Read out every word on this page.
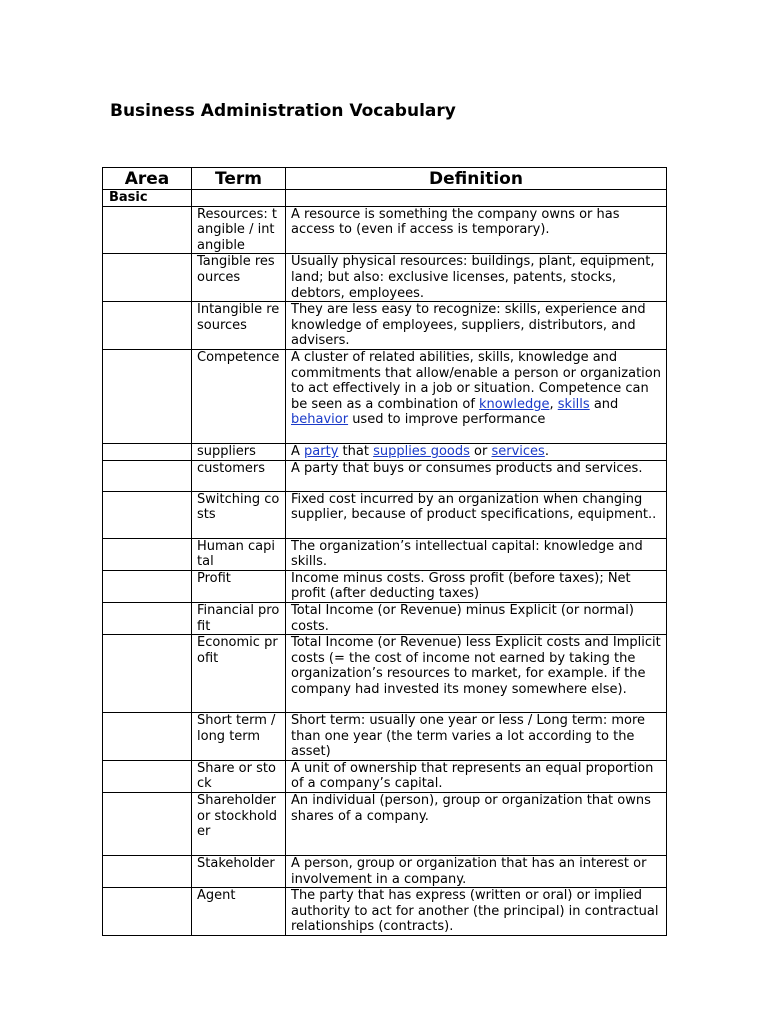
Business Administration Vocabulary
Area	Term	Definition
Basic		
	Resources: tangible / intangible	A resource is something the company owns or has access to (even if access is temporary).
	Tangible resources	Usually physical resources: buildings, plant, equipment, land; but also: exclusive licenses, patents, stocks, debtors, employees.
	Intangible resources	They are less easy to recognize: skills, experience and knowledge of employees, suppliers, distributors, and advisers.
	Competence	A cluster of related abilities, skills, knowledge and commitments that allow/enable a person or organization to act effectively in a job or situation. Competence can be seen as a combination of knowledge, skills and behavior used to improve performance
	suppliers	A party that supplies goods or services.
	customers	A party that buys or consumes products and services.
	Switching costs	Fixed cost incurred by an organization when changing supplier, because of product specifications, equipment..
	Human capital	The organization’s intellectual capital: knowledge and skills.
	Profit	Income minus costs. Gross profit (before taxes); Net profit (after deducting taxes)
	Financial profit	Total Income (or Revenue) minus Explicit (or normal) costs.
	Economic profit	Total Income (or Revenue) less Explicit costs and Implicit costs (= the cost of income not earned by taking the organization’s resources to market, for example. if the company had invested its money somewhere else).
	Short term / long term	Short term: usually one year or less / Long term: more than one year (the term varies a lot according to the asset)
	Share or stock	A unit of ownership that represents an equal proportion of a company’s capital.
	Shareholder or stockholder	An individual (person), group or organization that owns shares of a company.
	Stakeholder	A person, group or organization that has an interest or involvement in a company.
	Agent	The party that has express (written or oral) or implied authority to act for another (the principal) in contractual relationships (contracts).
